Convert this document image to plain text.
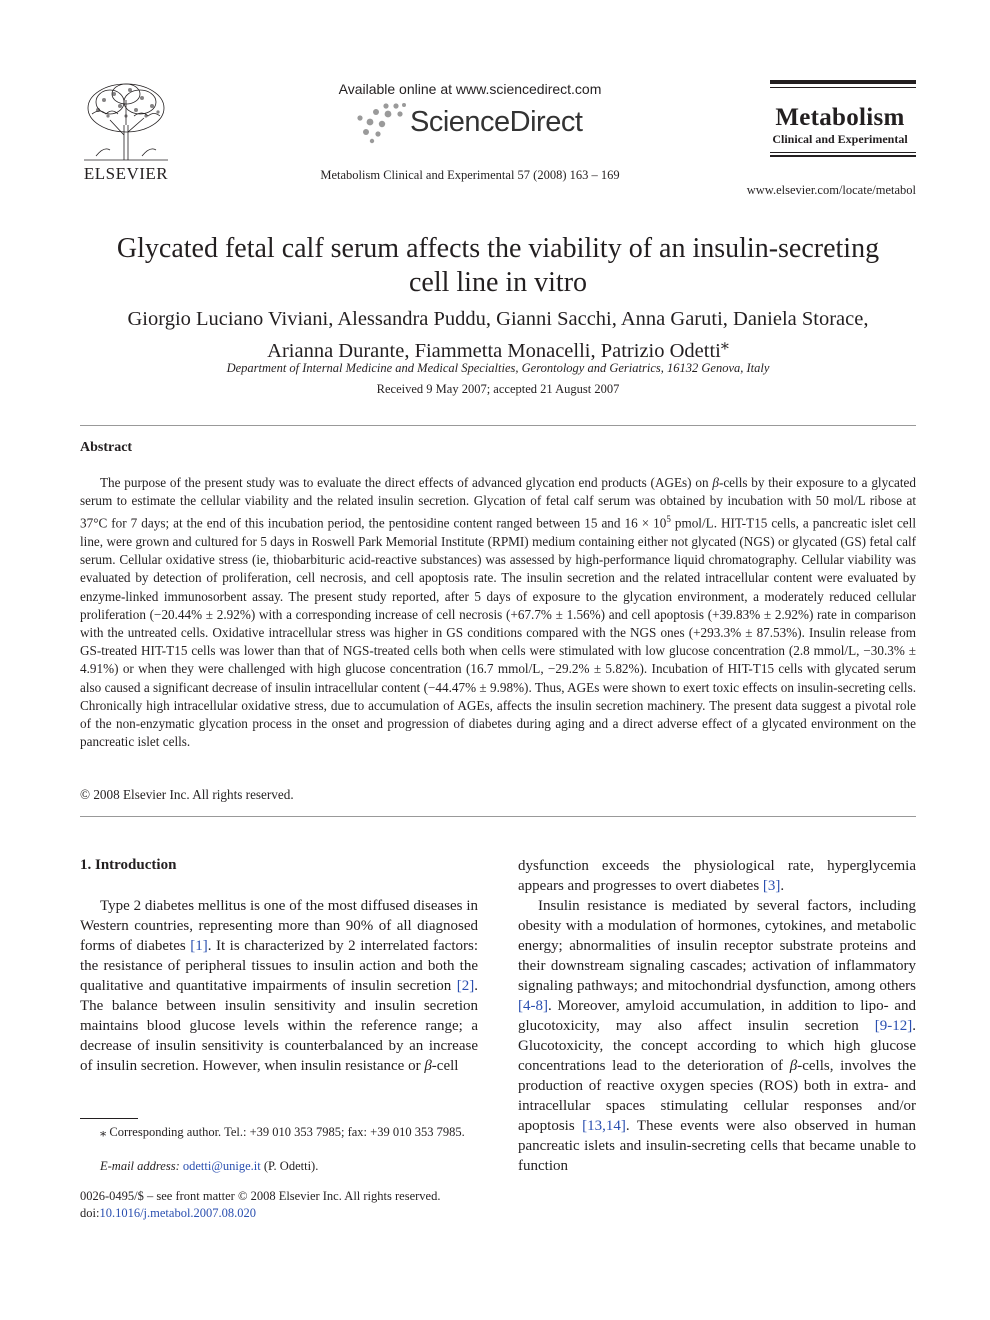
ELSEVIER
Available online at www.sciencedirect.com
ScienceDirect
Metabolism Clinical and Experimental 57 (2008) 163 – 169
Metabolism
Clinical and Experimental
www.elsevier.com/locate/metabol
Glycated fetal calf serum affects the viability of an insulin-secreting
cell line in vitro
Giorgio Luciano Viviani, Alessandra Puddu, Gianni Sacchi, Anna Garuti, Daniela Storace,
Arianna Durante, Fiammetta Monacelli, Patrizio Odetti⁎
Department of Internal Medicine and Medical Specialties, Gerontology and Geriatrics, 16132 Genova, Italy
Received 9 May 2007; accepted 21 August 2007
Abstract
The purpose of the present study was to evaluate the direct effects of advanced glycation end products (AGEs) on β-cells by their exposure to a glycated serum to estimate the cellular viability and the related insulin secretion. Glycation of fetal calf serum was obtained by incubation with 50 mol/L ribose at 37°C for 7 days; at the end of this incubation period, the pentosidine content ranged between 15 and $16 \times 10^5$ pmol/L. HIT-T15 cells, a pancreatic islet cell line, were grown and cultured for 5 days in Roswell Park Memorial Institute (RPMI) medium containing either not glycated (NGS) or glycated (GS) fetal calf serum. Cellular oxidative stress (ie, thiobarbituric acid-reactive substances) was assessed by high-performance liquid chromatography. Cellular viability was evaluated by detection of proliferation, cell necrosis, and cell apoptosis rate. The insulin secretion and the related intracellular content were evaluated by enzyme-linked immunosorbent assay. The present study reported, after 5 days of exposure to the glycation environment, a moderately reduced cellular proliferation (−20.44% ± 2.92%) with a corresponding increase of cell necrosis (+67.7% ± 1.56%) and cell apoptosis (+39.83% ± 2.92%) rate in comparison with the untreated cells. Oxidative intracellular stress was higher in GS conditions compared with the NGS ones (+293.3% ± 87.53%). Insulin release from GS-treated HIT-T15 cells was lower than that of NGS-treated cells both when cells were stimulated with low glucose concentration (2.8 mmol/L, −30.3% ± 4.91%) or when they were challenged with high glucose concentration (16.7 mmol/L, −29.2% ± 5.82%). Incubation of HIT-T15 cells with glycated serum also caused a significant decrease of insulin intracellular content (−44.47% ± 9.98%). Thus, AGEs were shown to exert toxic effects on insulin-secreting cells. Chronically high intracellular oxidative stress, due to accumulation of AGEs, affects the insulin secretion machinery. The present data suggest a pivotal role of the non-enzymatic glycation process in the onset and progression of diabetes during aging and a direct adverse effect of a glycated environment on the pancreatic islet cells.
© 2008 Elsevier Inc. All rights reserved.
1. Introduction

Type 2 diabetes mellitus is one of the most diffused diseases in Western countries, representing more than 90% of all diagnosed forms of diabetes [1]. It is characterized by 2 interrelated factors: the resistance of peripheral tissues to insulin action and both the qualitative and quantitative impairments of insulin secretion [2]. The balance between insulin sensitivity and insulin secretion maintains blood glucose levels within the reference range; a decrease of insulin sensitivity is counterbalanced by an increase of insulin secretion. However, when insulin resistance or β-cell

dysfunction exceeds the physiological rate, hyperglycemia appears and progresses to overt diabetes [3].

Insulin resistance is mediated by several factors, including obesity with a modulation of hormones, cytokines, and metabolic energy; abnormalities of insulin receptor substrate proteins and their downstream signaling cascades; activation of inflammatory signaling pathways; and mitochondrial dysfunction, among others [4-8]. Moreover, amyloid accumulation, in addition to lipo- and glucotoxicity, may also affect insulin secretion [9-12]. Glucotoxicity, the concept according to which high glucose concentrations lead to the deterioration of β-cells, involves the production of reactive oxygen species (ROS) both in extra- and intracellular spaces stimulating cellular responses and/or apoptosis [13,14]. These events were also observed in human pancreatic islets and insulin-secreting cells that became unable to function

⁎ Corresponding author. Tel.: +39 010 353 7985; fax: +39 010 353 7985.
E-mail address: odetti@unige.it (P. Odetti).
0026-0495/$ – see front matter © 2008 Elsevier Inc. All rights reserved.
doi:10.1016/j.metabol.2007.08.020
